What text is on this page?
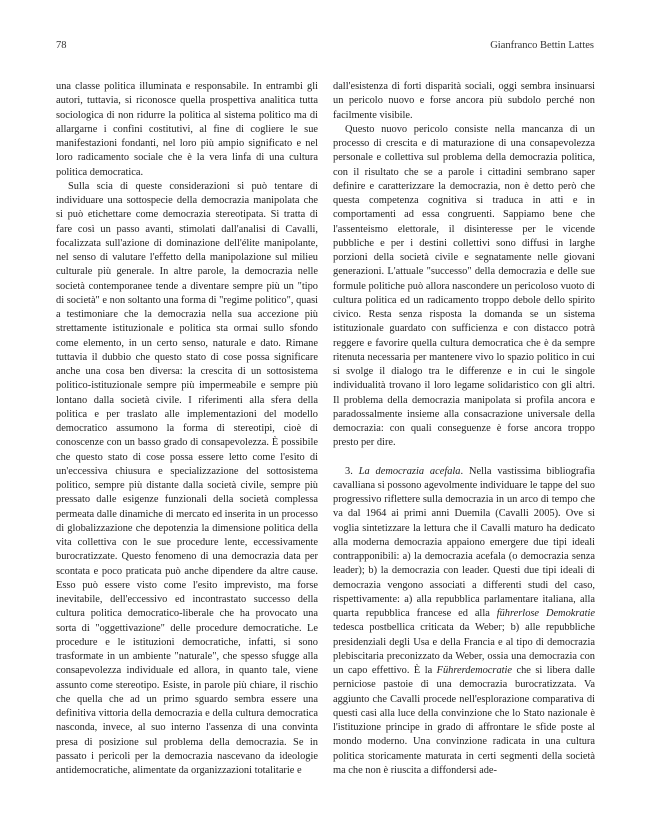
78	Gianfranco Bettin Lattes

una classe politica illuminata e responsabile. In entrambi gli autori, tuttavia, si riconosce quella prospettiva analitica tutta sociologica di non ridurre la politica al sistema politico ma di allargarne i confini costitutivi, al fine di cogliere le sue manifestazioni fondanti, nel loro più ampio significato e nel loro radicamento sociale che è la vera linfa di una cultura politica democratica.

Sulla scia di queste considerazioni si può tentare di individuare una sottospecie della democrazia manipolata che si può etichettare come democrazia stereotipata. Si tratta di fare così un passo avanti, stimolati dall'analisi di Cavalli, focalizzata sull'azione di dominazione dell'élite manipolante, nel senso di valutare l'effetto della manipolazione sul milieu culturale più generale. In altre parole, la democrazia nelle società contemporanee tende a diventare sempre più un "tipo di società" e non soltanto una forma di "regime politico", quasi a testimoniare che la democrazia nella sua accezione più strettamente istituzionale e politica sta ormai sullo sfondo come elemento, in un certo senso, naturale e dato. Rimane tuttavia il dubbio che questo stato di cose possa significare anche una cosa ben diversa: la crescita di un sottosistema politico-istituzionale sempre più impermeabile e sempre più lontano dalla società civile. I riferimenti alla sfera della politica e per traslato alle implementazioni del modello democratico assumono la forma di stereotipi, cioè di conoscenze con un basso grado di consapevolezza. È possibile che questo stato di cose possa essere letto come l'esito di un'eccessiva chiusura e specializzazione del sottosistema politico, sempre più distante dalla società civile, sempre più pressato dalle esigenze funzionali della società complessa permeata dalle dinamiche di mercato ed inserita in un processo di globalizzazione che depotenzia la dimensione politica della vita collettiva con le sue procedure lente, eccessivamente burocratizzate. Questo fenomeno di una democrazia data per scontata e poco praticata può anche dipendere da altre cause. Esso può essere visto come l'esito imprevisto, ma forse inevitabile, dell'eccessivo ed incontrastato successo della cultura politica democratico-liberale che ha provocato una sorta di "oggettivazione" delle procedure democratiche. Le procedure e le istituzioni democratiche, infatti, si sono trasformate in un ambiente "naturale", che spesso sfugge alla consapevolezza individuale ed allora, in quanto tale, viene assunto come stereotipo. Esiste, in parole più chiare, il rischio che quella che ad un primo sguardo sembra essere una definitiva vittoria della democrazia e della cultura democratica nasconda, invece, al suo interno l'assenza di una convinta presa di posizione sul problema della democrazia. Se in passato i pericoli per la democrazia nascevano da ideologie antidemocratiche, alimentate da organizzazioni totalitarie e

dall'esistenza di forti disparità sociali, oggi sembra insinuarsi un pericolo nuovo e forse ancora più subdolo perché non facilmente visibile.

Questo nuovo pericolo consiste nella mancanza di un processo di crescita e di maturazione di una consapevolezza personale e collettiva sul problema della democrazia politica, con il risultato che se a parole i cittadini sembrano saper definire e caratterizzare la democrazia, non è detto però che questa competenza cognitiva si traduca in atti e in comportamenti ad essa congruenti. Sappiamo bene che l'assenteismo elettorale, il disinteresse per le vicende pubbliche e per i destini collettivi sono diffusi in larghe porzioni della società civile e segnatamente nelle giovani generazioni. L'attuale "successo" della democrazia e delle sue formule politiche può allora nascondere un pericoloso vuoto di cultura politica ed un radicamento troppo debole dello spirito civico. Resta senza risposta la domanda se un sistema istituzionale guardato con sufficienza e con distacco potrà reggere e favorire quella cultura democratica che è da sempre ritenuta necessaria per mantenere vivo lo spazio politico in cui si svolge il dialogo tra le differenze e in cui le singole individualità trovano il loro legame solidaristico con gli altri. Il problema della democrazia manipolata si profila ancora e paradossalmente insieme alla consacrazione universale della democrazia: con quali conseguenze è forse ancora troppo presto per dire.

3. La democrazia acefala. Nella vastissima bibliografia cavalliana si possono agevolmente individuare le tappe del suo progressivo riflettere sulla democrazia in un arco di tempo che va dal 1964 ai primi anni Duemila (Cavalli 2005). Ove si voglia sintetizzare la lettura che il Cavalli maturo ha dedicato alla moderna democrazia appaiono emergere due tipi ideali contrapponibili: a) la democrazia acefala (o democrazia senza leader); b) la democrazia con leader. Questi due tipi ideali di democrazia vengono associati a differenti studi del caso, rispettivamente: a) alla repubblica parlamentare italiana, alla quarta repubblica francese ed alla führerlose Demokratie tedesca postbellica criticata da Weber; b) alle repubbliche presidenziali degli Usa e della Francia e al tipo di democrazia plebiscitaria preconizzato da Weber, ossia una democrazia con un capo effettivo. È la Führerdemocratie che si libera dalle perniciose pastoie di una democrazia burocratizzata. Va aggiunto che Cavalli procede nell'esplorazione comparativa di questi casi alla luce della convinzione che lo Stato nazionale è l'istituzione principe in grado di affrontare le sfide poste al mondo moderno. Una convinzione radicata in una cultura politica storicamente maturata in certi segmenti della società ma che non è riuscita a diffondersi ade-
